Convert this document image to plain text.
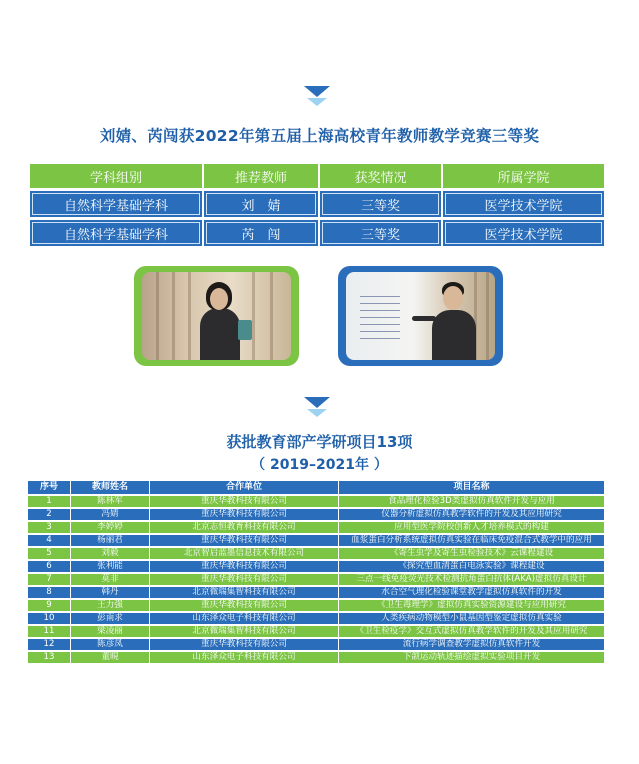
刘婧、芮闯获2022年第五届上海高校青年教师教学竞赛三等奖
学科组别	推荐教师	获奖情况	所属学院
自然科学基础学科	刘　婧	三等奖	医学技术学院
自然科学基础学科	芮　闯	三等奖	医学技术学院
获批教育部产学研项目13项
（ 2019–2021年 ）
序号	教师姓名	合作单位	项目名称
1	陈林军	重庆华教科技有限公司	食品理化检验3D类虚拟仿真软件开发与应用
2	冯婧	重庆华教科技有限公司	仪器分析虚拟仿真教学软件的开发及其应用研究
3	李婷婷	北京志恒教育科技有限公司	应用型医学院校创新人才培养模式的构建
4	杨丽君	重庆华教科技有限公司	血浆蛋白分析系统虚拟仿真实验在临床免疫混合式教学中的应用
5	刘毅	北京智启蓝墨信息技术有限公司	《寄生虫学及寄生虫检验技术》云课程建设
6	张利能	重庆华教科技有限公司	《探究型血清蛋白电泳实验》课程建设
7	莫非	重庆华教科技有限公司	三点一线免疫荧光技术检测抗角蛋白抗体(AKA)虚拟仿真设计
8	韩丹	北京微瑞集智科技有限公司	水合空气理化检验课堂教学虚拟仿真软件的开发
9	王力强	重庆华教科技有限公司	《卫生毒理学》虚拟仿真实验资源建设与应用研究
10	彭南求	山东泽众电子科技有限公司	人类疾病动物模型小鼠基因型鉴定虚拟仿真实验
11	梁凌丽	北京微瑞集智科技有限公司	《卫生检疫学》交互式虚拟仿真教学软件的开发及其应用研究
12	陈彦凤	重庆华教科技有限公司	流行病学调查教学虚拟仿真软件开发
13	董晛	山东泽众电子科技有限公司	下颌运动轨迹描绘虚拟实验项目开发
